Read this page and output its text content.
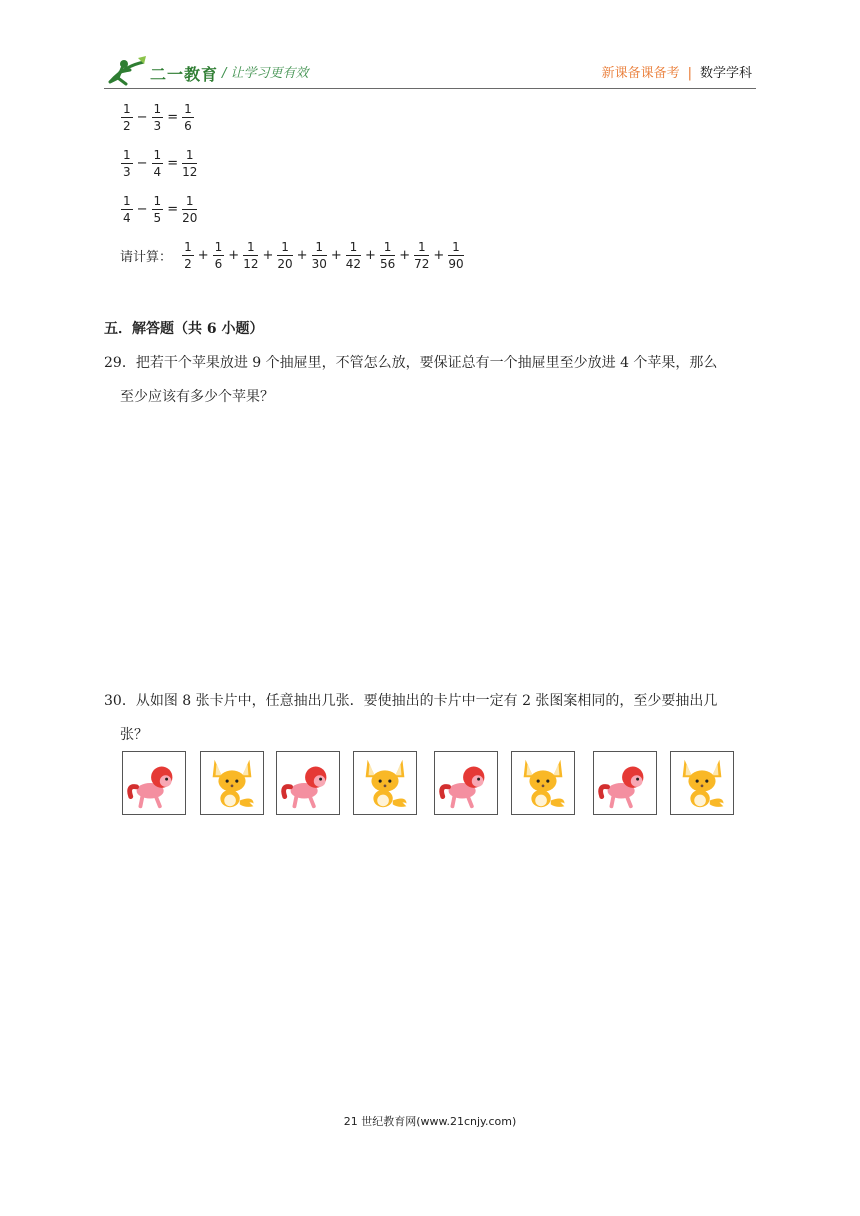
二一教育 / 让学习更有效	新课备课备考 | 数学学科
$\frac{1}{2} - \frac{1}{3} = \frac{1}{6}$
$\frac{1}{3} - \frac{1}{4} = \frac{1}{12}$
$\frac{1}{4} - \frac{1}{5} = \frac{1}{20}$
请计算： $\frac{1}{2} + \frac{1}{6} + \frac{1}{12} + \frac{1}{20} + \frac{1}{30} + \frac{1}{42} + \frac{1}{56} + \frac{1}{72} + \frac{1}{90}$
五．解答题（共 6 小题）
29．把若干个苹果放进 9 个抽屉里，不管怎么放，要保证总有一个抽屉里至少放进 4 个苹果，那么
至少应该有多少个苹果？
30．从如图 8 张卡片中，任意抽出几张．要使抽出的卡片中一定有 2 张图案相同的，至少要抽出几
张？
21 世纪教育网(www.21cnjy.com)
